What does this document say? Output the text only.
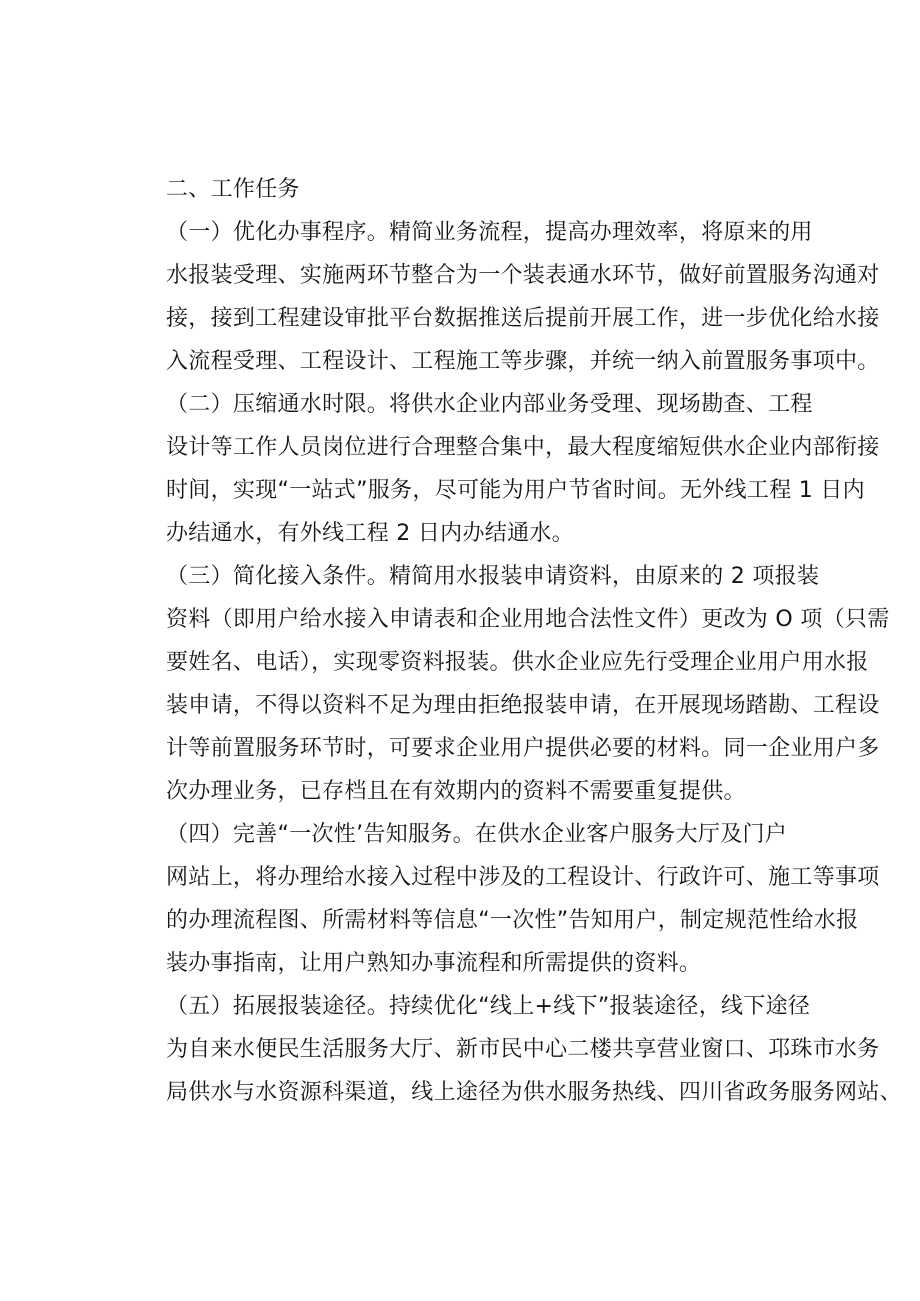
二、工作任务

（一）优化办事程序。精简业务流程，提高办理效率，将原来的用
水报装受理、实施两环节整合为一个装表通水环节，做好前置服务沟通对
接，接到工程建设审批平台数据推送后提前开展工作，进一步优化给水接
入流程受理、工程设计、工程施工等步骤，并统一纳入前置服务事项中。

（二）压缩通水时限。将供水企业内部业务受理、现场勘查、工程
设计等工作人员岗位进行合理整合集中，最大程度缩短供水企业内部衔接
时间，实现“一站式”服务，尽可能为用户节省时间。无外线工程 1 日内
办结通水，有外线工程 2 日内办结通水。

（三）简化接入条件。精简用水报装申请资料，由原来的 2 项报装
资料（即用户给水接入申请表和企业用地合法性文件）更改为 O 项（只需
要姓名、电话），实现零资料报装。供水企业应先行受理企业用户用水报
装申请，不得以资料不足为理由拒绝报装申请，在开展现场踏勘、工程设
计等前置服务环节时，可要求企业用户提供必要的材料。同一企业用户多
次办理业务，已存档且在有效期内的资料不需要重复提供。

（四）完善“一次性’告知服务。在供水企业客户服务大厅及门户
网站上，将办理给水接入过程中涉及的工程设计、行政许可、施工等事项
的办理流程图、所需材料等信息“一次性”告知用户，制定规范性给水报
装办事指南，让用户熟知办事流程和所需提供的资料。

（五）拓展报装途径。持续优化“线上+线下”报装途径，线下途径
为自来水便民生活服务大厅、新市民中心二楼共享营业窗口、邛珠市水务
局供水与水资源科渠道，线上途径为供水服务热线、四川省政务服务网站、
